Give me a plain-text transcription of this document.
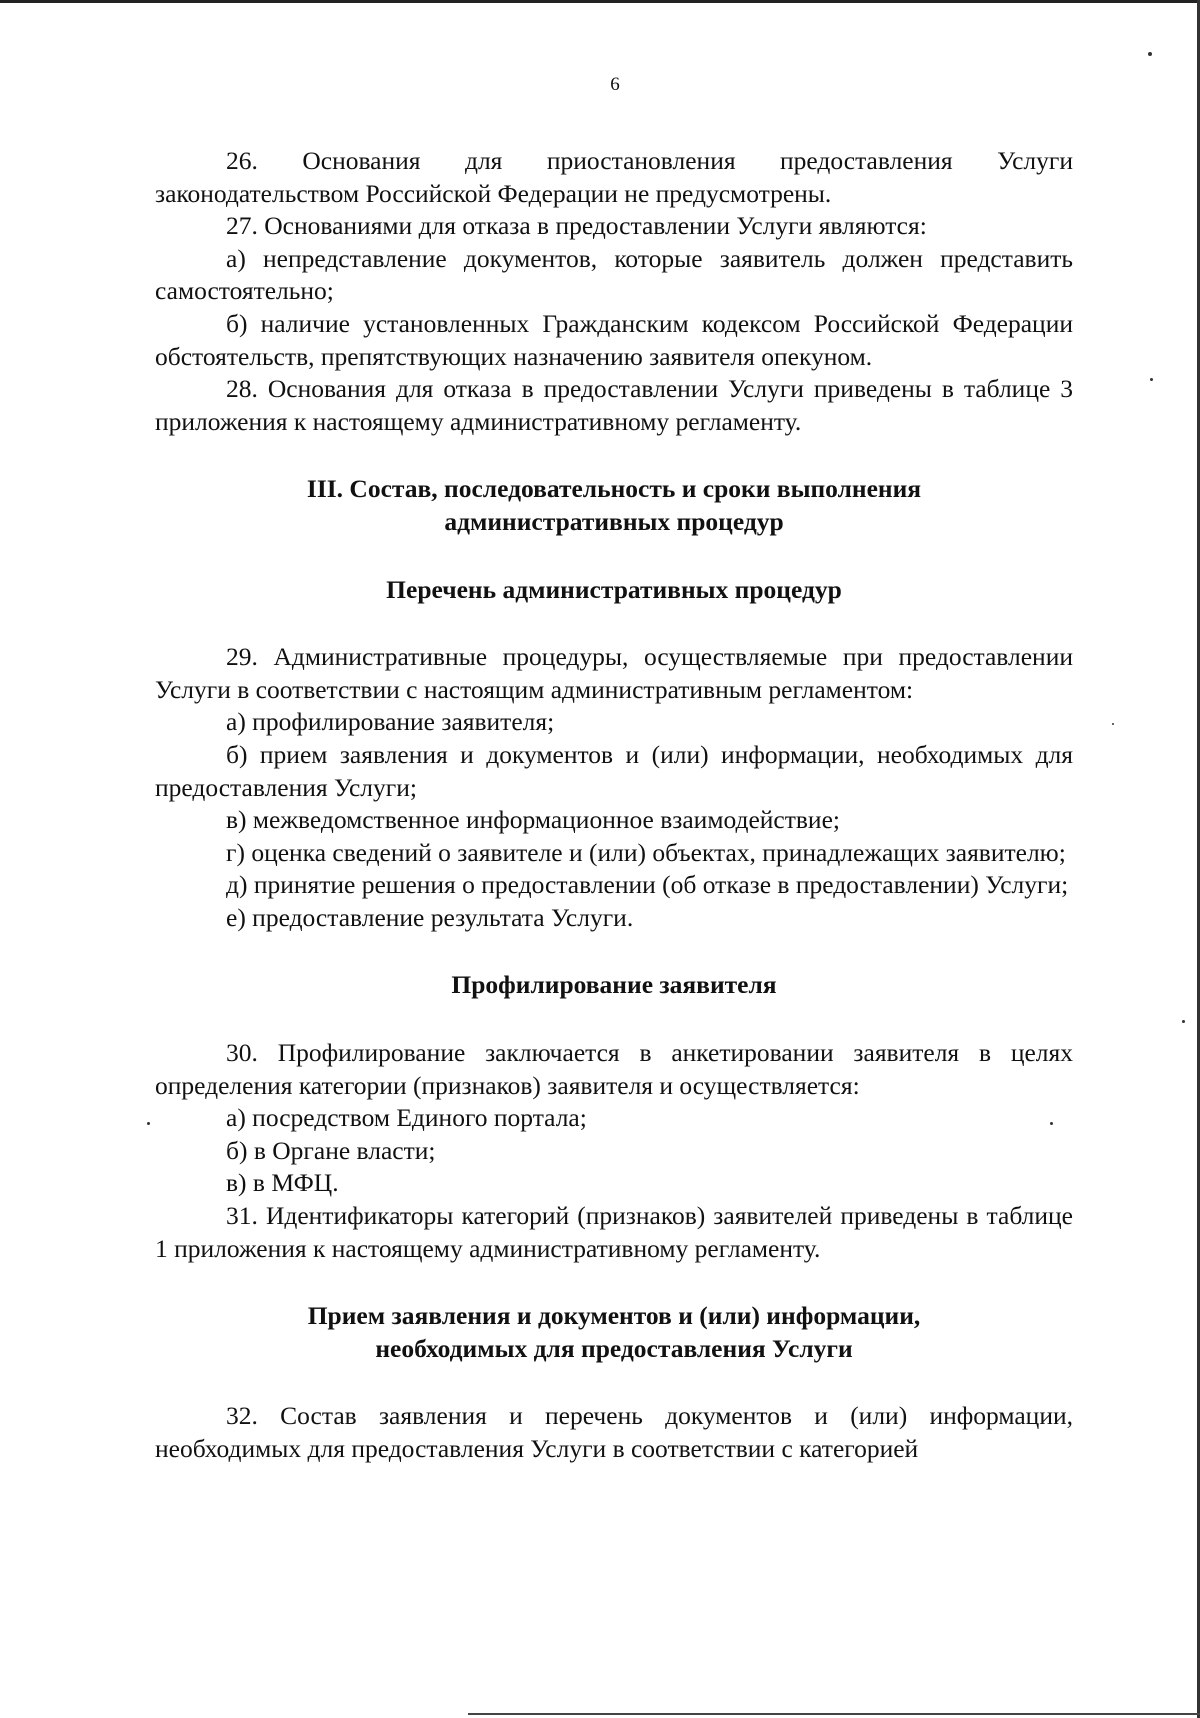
6

26. Основания для приостановления предоставления Услуги законодательством Российской Федерации не предусмотрены.

27. Основаниями для отказа в предоставлении Услуги являются:

а) непредставление документов, которые заявитель должен представить самостоятельно;

б) наличие установленных Гражданским кодексом Российской Федерации обстоятельств, препятствующих назначению заявителя опекуном.

28. Основания для отказа в предоставлении Услуги приведены в таблице 3 приложения к настоящему административному регламенту.

III. Состав, последовательность и сроки выполнения административных процедур

Перечень административных процедур

29. Административные процедуры, осуществляемые при предоставлении Услуги в соответствии с настоящим административным регламентом:

а) профилирование заявителя;

б) прием заявления и документов и (или) информации, необходимых для предоставления Услуги;

в) межведомственное информационное взаимодействие;

г) оценка сведений о заявителе и (или) объектах, принадлежащих заявителю;

д) принятие решения о предоставлении (об отказе в предоставлении) Услуги;

е) предоставление результата Услуги.

Профилирование заявителя

30. Профилирование заключается в анкетировании заявителя в целях определения категории (признаков) заявителя и осуществляется:

а) посредством Единого портала;

б) в Органе власти;

в) в МФЦ.

31. Идентификаторы категорий (признаков) заявителей приведены в таблице 1 приложения к настоящему административному регламенту.

Прием заявления и документов и (или) информации, необходимых для предоставления Услуги

32. Состав заявления и перечень документов и (или) информации, необходимых для предоставления Услуги в соответствии с категорией
